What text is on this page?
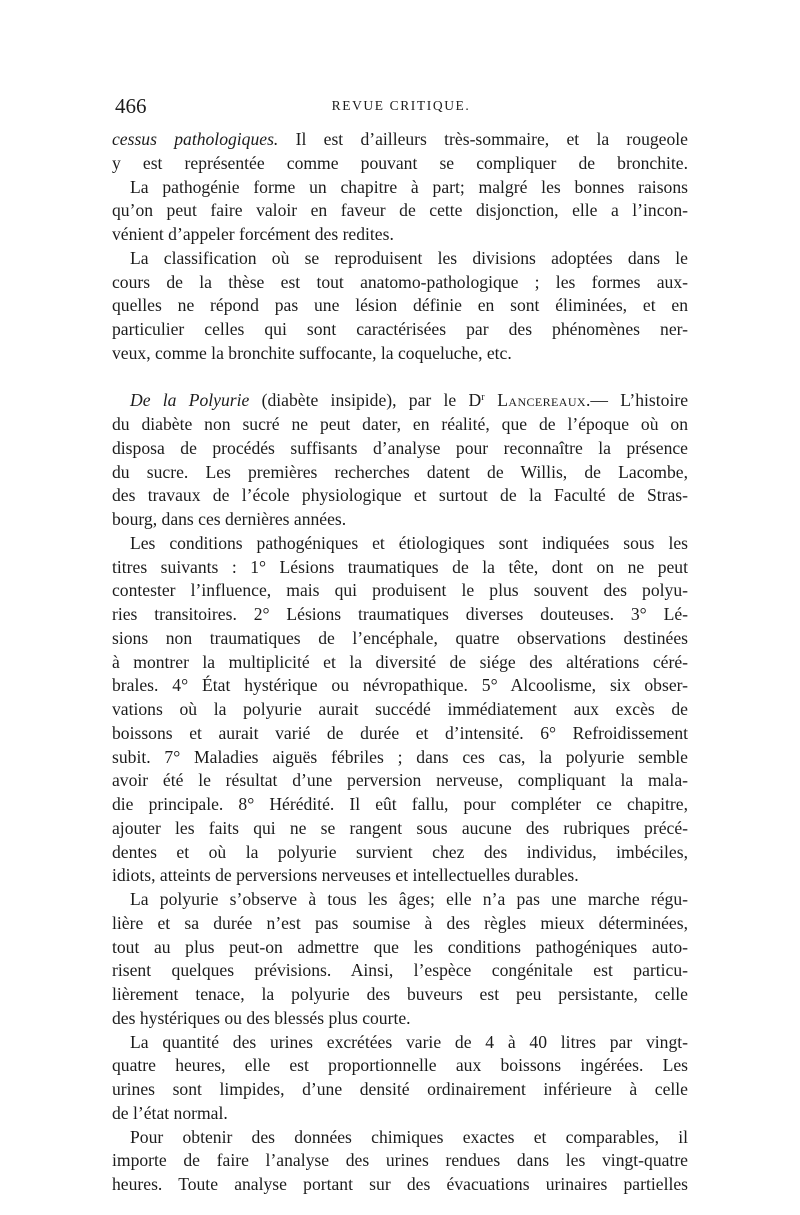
466	REVUE CRITIQUE.
cessus pathologiques. Il est d’ailleurs très-sommaire, et la rougeole
y est représentée comme pouvant se compliquer de bronchite.
La pathogénie forme un chapitre à part; malgré les bonnes raisons
qu’on peut faire valoir en faveur de cette disjonction, elle a l’incon-
vénient d’appeler forcément des redites.
La classification où se reproduisent les divisions adoptées dans le
cours de la thèse est tout anatomo-pathologique ; les formes aux-
quelles ne répond pas une lésion définie en sont éliminées, et en
particulier celles qui sont caractérisées par des phénomènes ner-
veux, comme la bronchite suffocante, la coqueluche, etc.
De la Polyurie (diabète insipide), par le $D^r$ Lancereaux.— L’histoire
du diabète non sucré ne peut dater, en réalité, que de l’époque où on
disposa de procédés suffisants d’analyse pour reconnaître la présence
du sucre. Les premières recherches datent de Willis, de Lacombe,
des travaux de l’école physiologique et surtout de la Faculté de Stras-
bourg, dans ces dernières années.
Les conditions pathogéniques et étiologiques sont indiquées sous les
titres suivants : 1° Lésions traumatiques de la tête, dont on ne peut
contester l’influence, mais qui produisent le plus souvent des polyu-
ries transitoires. 2° Lésions traumatiques diverses douteuses. 3° Lé-
sions non traumatiques de l’encéphale, quatre observations destinées
à montrer la multiplicité et la diversité de siége des altérations céré-
brales. 4° État hystérique ou névropathique. 5° Alcoolisme, six obser-
vations où la polyurie aurait succédé immédiatement aux excès de
boissons et aurait varié de durée et d’intensité. 6° Refroidissement
subit. 7° Maladies aiguës fébriles ; dans ces cas, la polyurie semble
avoir été le résultat d’une perversion nerveuse, compliquant la mala-
die principale. 8° Hérédité. Il eût fallu, pour compléter ce chapitre,
ajouter les faits qui ne se rangent sous aucune des rubriques précé-
dentes et où la polyurie survient chez des individus, imbéciles,
idiots, atteints de perversions nerveuses et intellectuelles durables.
La polyurie s’observe à tous les âges; elle n’a pas une marche régu-
lière et sa durée n’est pas soumise à des règles mieux déterminées,
tout au plus peut-on admettre que les conditions pathogéniques auto-
risent quelques prévisions. Ainsi, l’espèce congénitale est particu-
lièrement tenace, la polyurie des buveurs est peu persistante, celle
des hystériques ou des blessés plus courte.
La quantité des urines excrétées varie de 4 à 40 litres par vingt-
quatre heures, elle est proportionnelle aux boissons ingérées. Les
urines sont limpides, d’une densité ordinairement inférieure à celle
de l’état normal.
Pour obtenir des données chimiques exactes et comparables, il
importe de faire l’analyse des urines rendues dans les vingt-quatre
heures. Toute analyse portant sur des évacuations urinaires partielles
